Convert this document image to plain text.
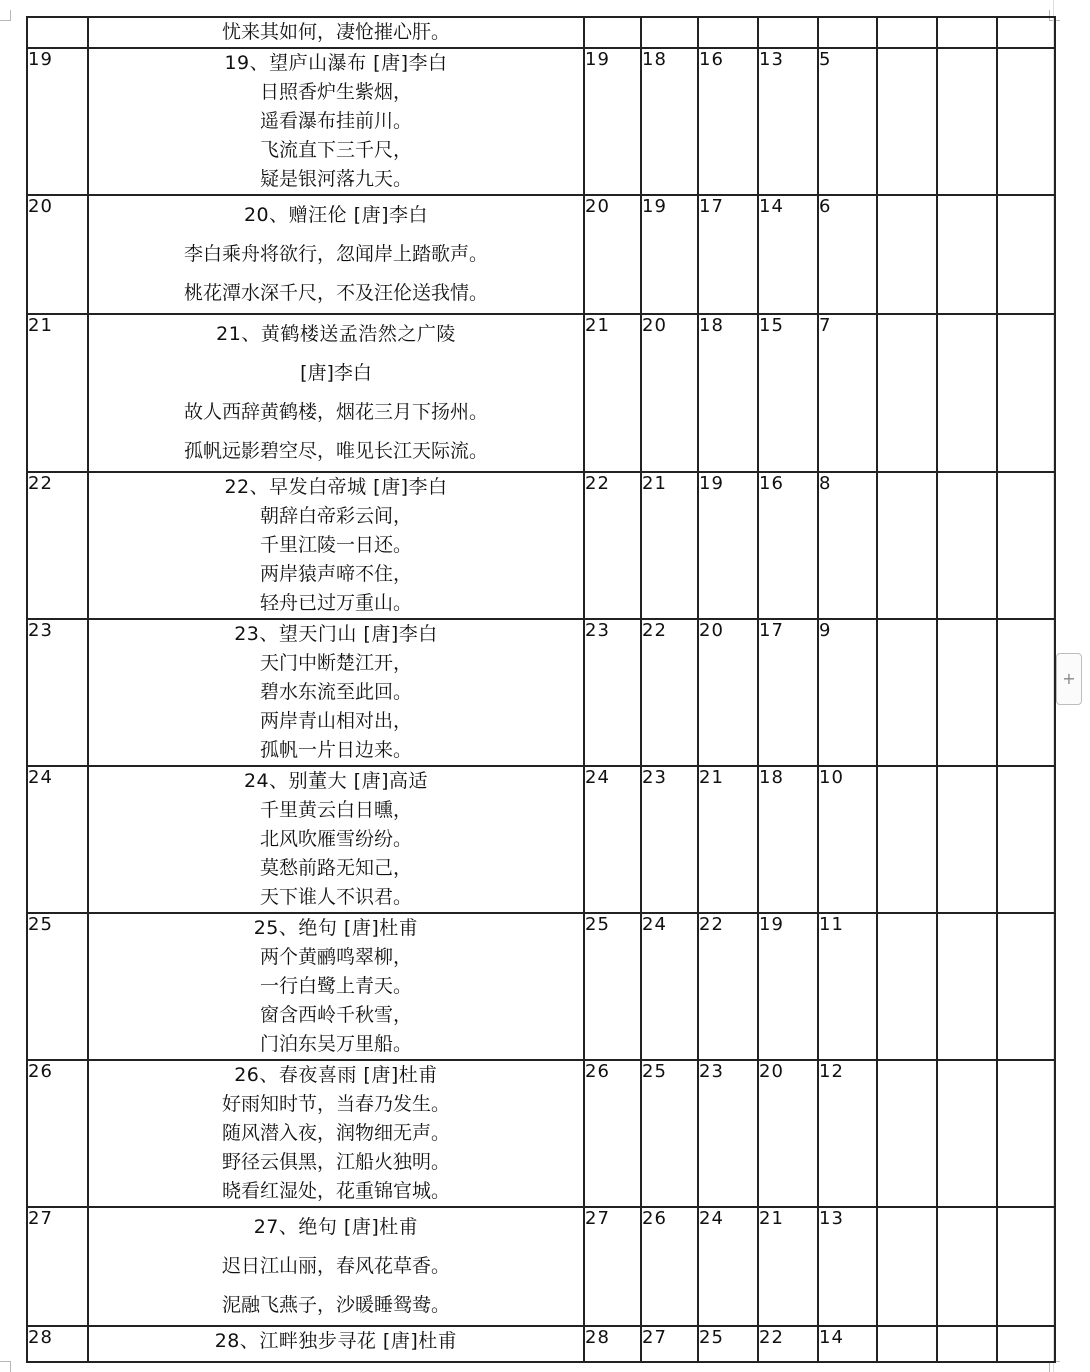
	忧来其如何，凄怆摧心肝。								

19	19、望庐山瀑布 [唐]李白
日照香炉生紫烟，
遥看瀑布挂前川。
飞流直下三千尺，
疑是银河落九天。	19	18	16	13	5			
20	20、赠汪伦 [唐]李白
李白乘舟将欲行，忽闻岸上踏歌声。
桃花潭水深千尺，不及汪伦送我情。	20	19	17	14	6			
21	21、黄鹤楼送孟浩然之广陵
[唐]李白
故人西辞黄鹤楼，烟花三月下扬州。
孤帆远影碧空尽，唯见长江天际流。	21	20	18	15	7			
22	22、早发白帝城 [唐]李白
朝辞白帝彩云间，
千里江陵一日还。
两岸猿声啼不住，
轻舟已过万重山。	22	21	19	16	8			
23	23、望天门山 [唐]李白
天门中断楚江开，
碧水东流至此回。
两岸青山相对出，
孤帆一片日边来。	23	22	20	17	9			
24	24、别董大 [唐]高适
千里黄云白日曛，
北风吹雁雪纷纷。
莫愁前路无知己，
天下谁人不识君。	24	23	21	18	10			
25	25、绝句 [唐]杜甫
两个黄鹂鸣翠柳，
一行白鹭上青天。
窗含西岭千秋雪，
门泊东吴万里船。	25	24	22	19	11			
26	26、春夜喜雨 [唐]杜甫
好雨知时节，当春乃发生。
随风潜入夜，润物细无声。
野径云俱黑，江船火独明。
晓看红湿处，花重锦官城。	26	25	23	20	12			
27	27、绝句 [唐]杜甫
迟日江山丽，春风花草香。
泥融飞燕子，沙暖睡鸳鸯。	27	26	24	21	13			
28	28、江畔独步寻花 [唐]杜甫	28	27	25	22	14			
+
